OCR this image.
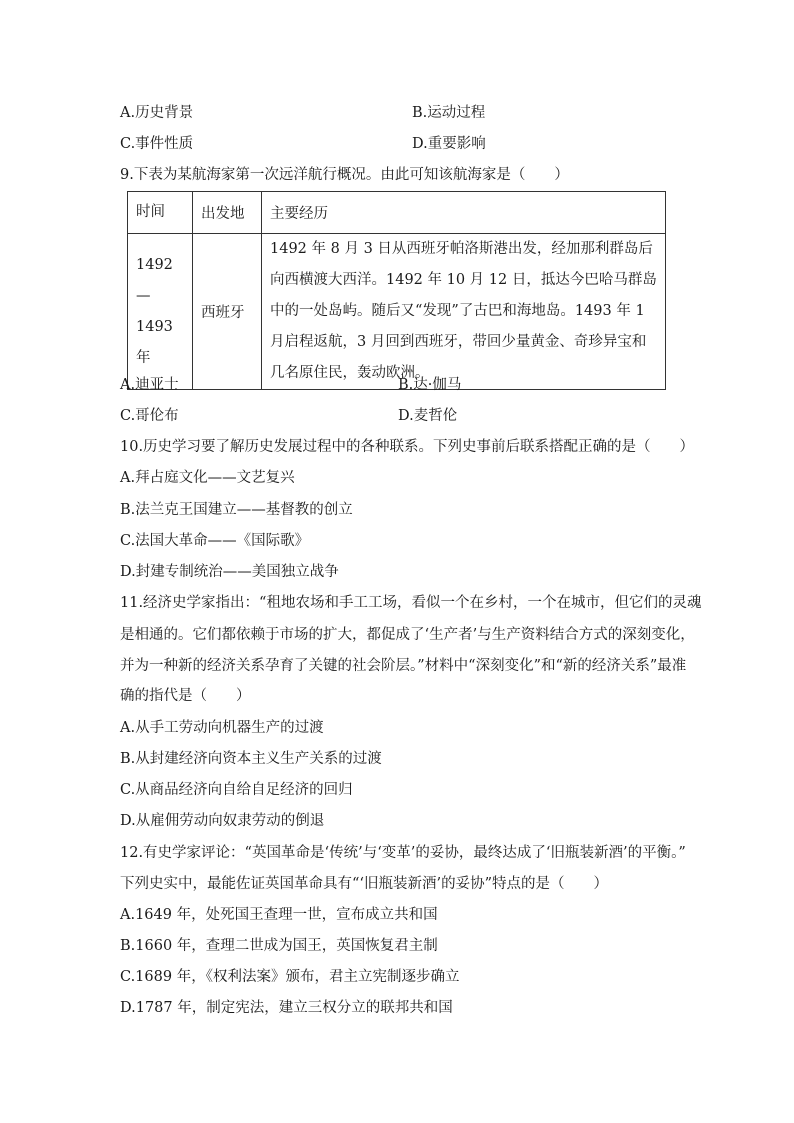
A.历史背景	B.运动过程
C.事件性质	D.重要影响
9.下表为某航海家第一次远洋航行概况。由此可知该航海家是（　　）
时间	出发地	主要经历

1492—
1493 年	西班牙	1492 年 8 月 3 日从西班牙帕洛斯港出发，经加那利群岛后向西横渡大西洋。1492 年 10 月 12 日，抵达今巴哈马群岛中的一处岛屿。随后又“发现”了古巴和海地岛。1493 年 1 月启程返航，3 月回到西班牙，带回少量黄金、奇珍异宝和几名原住民，轰动欧洲。
A.迪亚士	B.达·伽马
C.哥伦布	D.麦哲伦
10.历史学习要了解历史发展过程中的各种联系。下列史事前后联系搭配正确的是（　　）
A.拜占庭文化——文艺复兴
B.法兰克王国建立——基督教的创立
C.法国大革命——《国际歌》
D.封建专制统治——美国独立战争
11.经济史学家指出：“租地农场和手工工场，看似一个在乡村，一个在城市，但它们的灵魂
是相通的。它们都依赖于市场的扩大，都促成了‘生产者’与生产资料结合方式的深刻变化，
并为一种新的经济关系孕育了关键的社会阶层。”材料中“深刻变化”和“新的经济关系”最准
确的指代是（　　）
A.从手工劳动向机器生产的过渡
B.从封建经济向资本主义生产关系的过渡
C.从商品经济向自给自足经济的回归
D.从雇佣劳动向奴隶劳动的倒退
12.有史学家评论：“英国革命是‘传统’与‘变革’的妥协，最终达成了‘旧瓶装新酒’的平衡。”
下列史实中，最能佐证英国革命具有“‘旧瓶装新酒’的妥协”特点的是（　　）
A.1649 年，处死国王查理一世，宣布成立共和国
B.1660 年，查理二世成为国王，英国恢复君主制
C.1689 年，《权利法案》颁布，君主立宪制逐步确立
D.1787 年，制定宪法，建立三权分立的联邦共和国
